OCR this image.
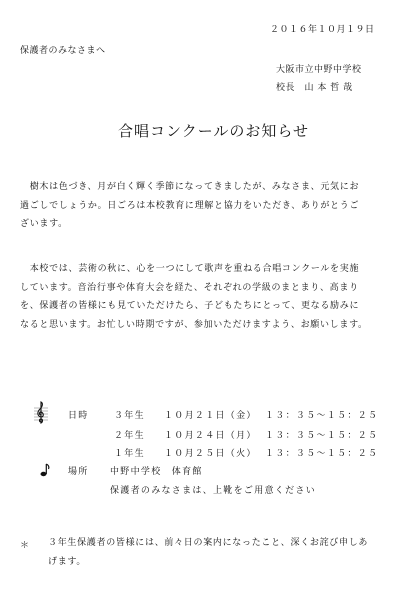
２０１６年１０月１９日
保護者のみなさまへ
大阪市立中野中学校
校長　山 本 哲 哉
合唱コンクールのお知らせ

　樹木は色づき、月が白く輝く季節になってきましたが、みなさま、元気にお

過ごしでしょうか。日ごろは本校教育に理解と協力をいただき、ありがとうご

ざいます。

　本校では、芸術の秋に、心を一つにして歌声を重ねる合唱コンクールを実施

しています。音治行事や体育大会を経た、それぞれの学級のまとまり、高まり

を、保護者の皆様にも見ていただけたら、子どもたちにとって、更なる励みに

なると思います。お忙しい時期ですが、参加いただけますよう、お願いします。

日時	３年生 １０月２１日（金） １３：３５～１５：２５
２年生 １０月２４日（月） １３：３５～１５：２５
１年生 １０月２５日（火） １３：３５～１５：２５
場所 中野中学校　体育館
保護者のみなさまは、上靴をご用意ください
＊ ３年生保護者の皆様には、前々日の案内になったこと、深くお詫び申しあ

げます。
